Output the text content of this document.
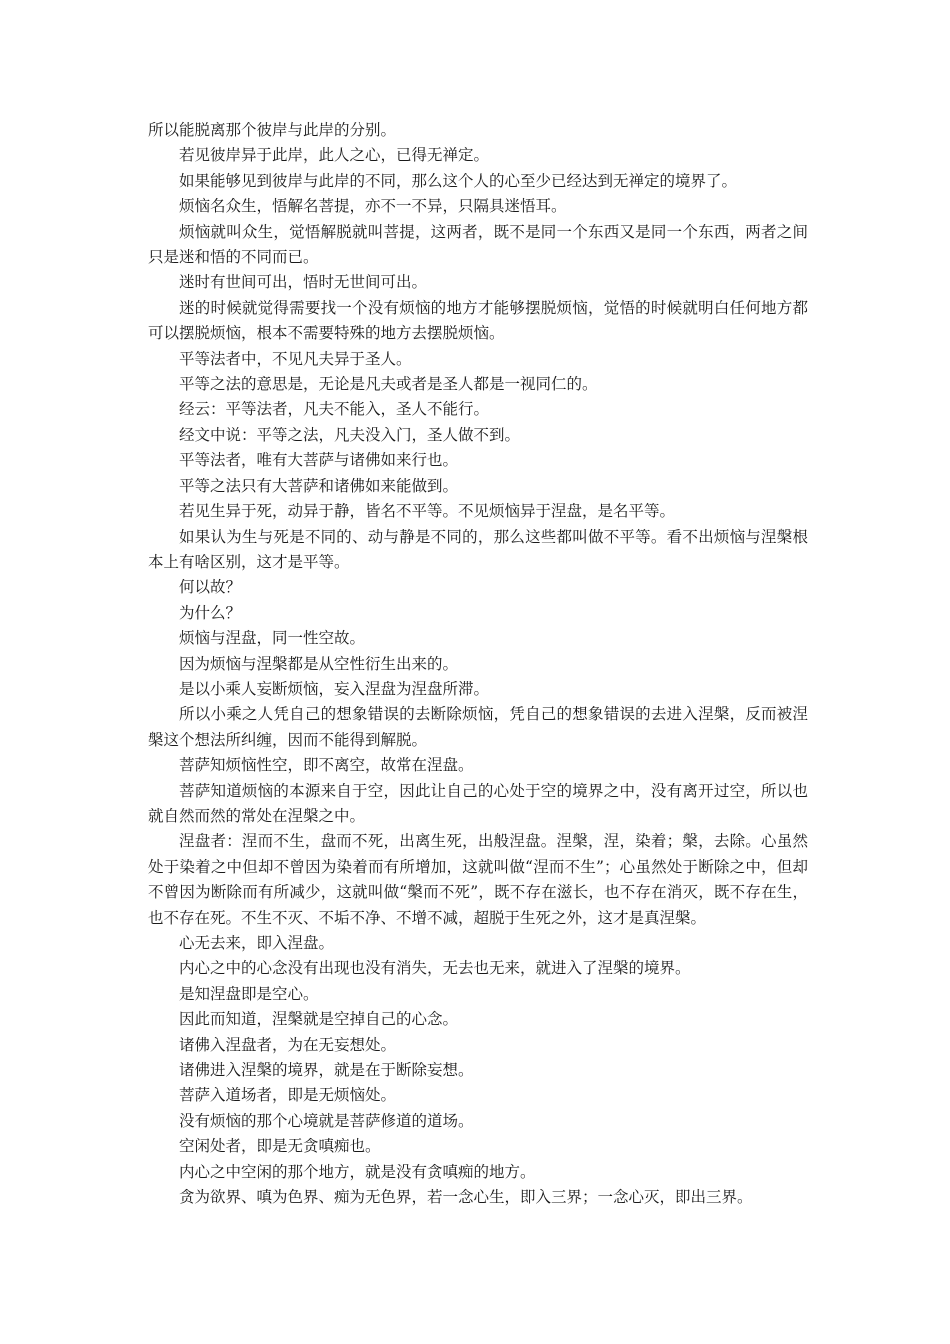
所以能脱离那个彼岸与此岸的分别。

若见彼岸异于此岸，此人之心，已得无禅定。

如果能够见到彼岸与此岸的不同，那么这个人的心至少已经达到无禅定的境界了。

烦恼名众生，悟解名菩提，亦不一不异，只隔具迷悟耳。

烦恼就叫众生，觉悟解脱就叫菩提，这两者，既不是同一个东西又是同一个东西，两者之间只是迷和悟的不同而已。

迷时有世间可出，悟时无世间可出。

迷的时候就觉得需要找一个没有烦恼的地方才能够摆脱烦恼，觉悟的时候就明白任何地方都可以摆脱烦恼，根本不需要特殊的地方去摆脱烦恼。

平等法者中，不见凡夫异于圣人。

平等之法的意思是，无论是凡夫或者是圣人都是一视同仁的。

经云：平等法者，凡夫不能入，圣人不能行。

经文中说：平等之法，凡夫没入门，圣人做不到。

平等法者，唯有大菩萨与诸佛如来行也。

平等之法只有大菩萨和诸佛如来能做到。

若见生异于死，动异于静，皆名不平等。不见烦恼异于涅盘，是名平等。

如果认为生与死是不同的、动与静是不同的，那么这些都叫做不平等。看不出烦恼与涅槃根本上有啥区别，这才是平等。

何以故？

为什么？

烦恼与涅盘，同一性空故。

因为烦恼与涅槃都是从空性衍生出来的。

是以小乘人妄断烦恼，妄入涅盘为涅盘所滞。

所以小乘之人凭自己的想象错误的去断除烦恼，凭自己的想象错误的去进入涅槃，反而被涅槃这个想法所纠缠，因而不能得到解脱。

菩萨知烦恼性空，即不离空，故常在涅盘。

菩萨知道烦恼的本源来自于空，因此让自己的心处于空的境界之中，没有离开过空，所以也就自然而然的常处在涅槃之中。

涅盘者：涅而不生，盘而不死，出离生死，出般涅盘。涅槃，涅，染着；槃，去除。心虽然处于染着之中但却不曾因为染着而有所增加，这就叫做“涅而不生”；心虽然处于断除之中，但却不曾因为断除而有所减少，这就叫做“槃而不死”，既不存在滋长，也不存在消灭，既不存在生，也不存在死。不生不灭、不垢不净、不增不减，超脱于生死之外，这才是真涅槃。

心无去来，即入涅盘。

内心之中的心念没有出现也没有消失，无去也无来，就进入了涅槃的境界。

是知涅盘即是空心。

因此而知道，涅槃就是空掉自己的心念。

诸佛入涅盘者，为在无妄想处。

诸佛进入涅槃的境界，就是在于断除妄想。

菩萨入道场者，即是无烦恼处。

没有烦恼的那个心境就是菩萨修道的道场。

空闲处者，即是无贪嗔痴也。

内心之中空闲的那个地方，就是没有贪嗔痴的地方。

贪为欲界、嗔为色界、痴为无色界，若一念心生，即入三界；一念心灭，即出三界。
